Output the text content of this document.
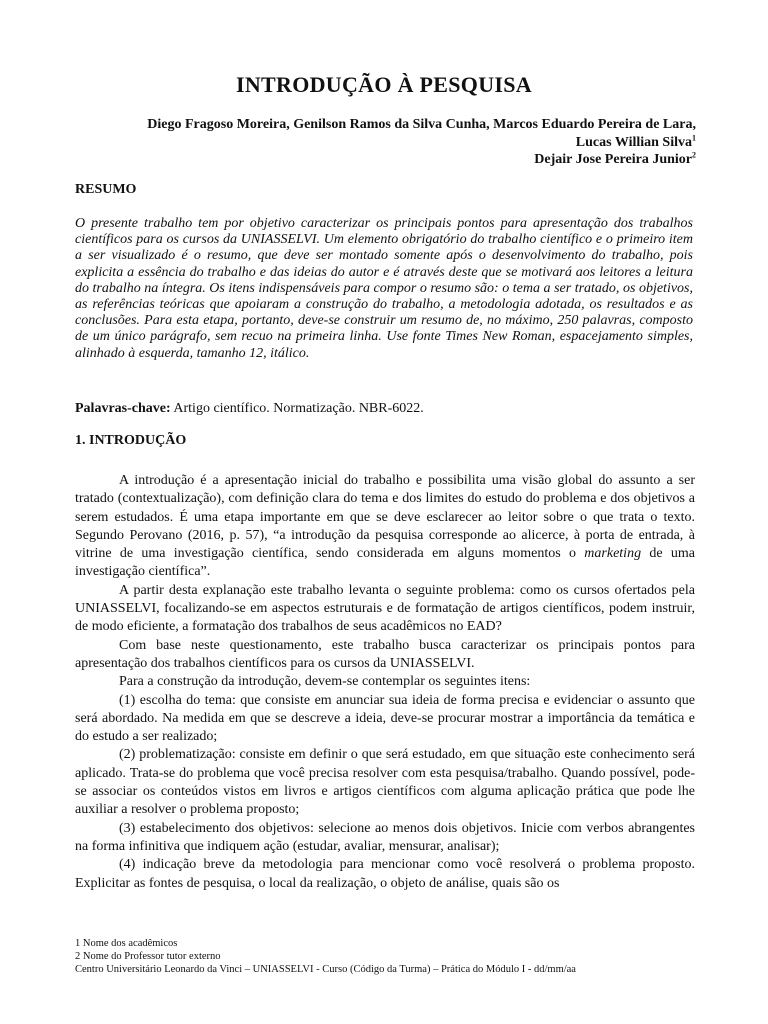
INTRODUÇÃO À PESQUISA
Diego Fragoso Moreira, Genilson Ramos da Silva Cunha, Marcos Eduardo Pereira de Lara,
Lucas Willian Silva$^1$
Dejair Jose Pereira Junior$^2$
RESUMO
O presente trabalho tem por objetivo caracterizar os principais pontos para apresentação dos trabalhos científicos para os cursos da UNIASSELVI. Um elemento obrigatório do trabalho científico e o primeiro item a ser visualizado é o resumo, que deve ser montado somente após o desenvolvimento do trabalho, pois explicita a essência do trabalho e das ideias do autor e é através deste que se motivará aos leitores a leitura do trabalho na íntegra. Os itens indispensáveis para compor o resumo são: o tema a ser tratado, os objetivos, as referências teóricas que apoiaram a construção do trabalho, a metodologia adotada, os resultados e as conclusões. Para esta etapa, portanto, deve-se construir um resumo de, no máximo, 250 palavras, composto de um único parágrafo, sem recuo na primeira linha. Use fonte Times New Roman, espacejamento simples, alinhado à esquerda, tamanho 12, itálico.
Palavras-chave: Artigo científico. Normatização. NBR-6022.
1. INTRODUÇÃO

A introdução é a apresentação inicial do trabalho e possibilita uma visão global do assunto a ser tratado (contextualização), com definição clara do tema e dos limites do estudo do problema e dos objetivos a serem estudados. É uma etapa importante em que se deve esclarecer ao leitor sobre o que trata o texto. Segundo Perovano (2016, p. 57), “a introdução da pesquisa corresponde ao alicerce, à porta de entrada, à vitrine de uma investigação científica, sendo considerada em alguns momentos o marketing de uma investigação científica”.

A partir desta explanação este trabalho levanta o seguinte problema: como os cursos ofertados pela UNIASSELVI, focalizando-se em aspectos estruturais e de formatação de artigos científicos, podem instruir, de modo eficiente, a formatação dos trabalhos de seus acadêmicos no EAD?

Com base neste questionamento, este trabalho busca caracterizar os principais pontos para apresentação dos trabalhos científicos para os cursos da UNIASSELVI.

Para a construção da introdução, devem-se contemplar os seguintes itens:

(1) escolha do tema: que consiste em anunciar sua ideia de forma precisa e evidenciar o assunto que será abordado. Na medida em que se descreve a ideia, deve-se procurar mostrar a importância da temática e do estudo a ser realizado;

(2) problematização: consiste em definir o que será estudado, em que situação este conhecimento será aplicado. Trata-se do problema que você precisa resolver com esta pesquisa/trabalho. Quando possível, pode-se associar os conteúdos vistos em livros e artigos científicos com alguma aplicação prática que pode lhe auxiliar a resolver o problema proposto;

(3) estabelecimento dos objetivos: selecione ao menos dois objetivos. Inicie com verbos abrangentes na forma infinitiva que indiquem ação (estudar, avaliar, mensurar, analisar);

(4) indicação breve da metodologia para mencionar como você resolverá o problema proposto. Explicitar as fontes de pesquisa, o local da realização, o objeto de análise, quais são os

1 Nome dos acadêmicos
2 Nome do Professor tutor externo
Centro Universitário Leonardo da Vinci – UNIASSELVI - Curso (Código da Turma) – Prática do Módulo I - dd/mm/aa
